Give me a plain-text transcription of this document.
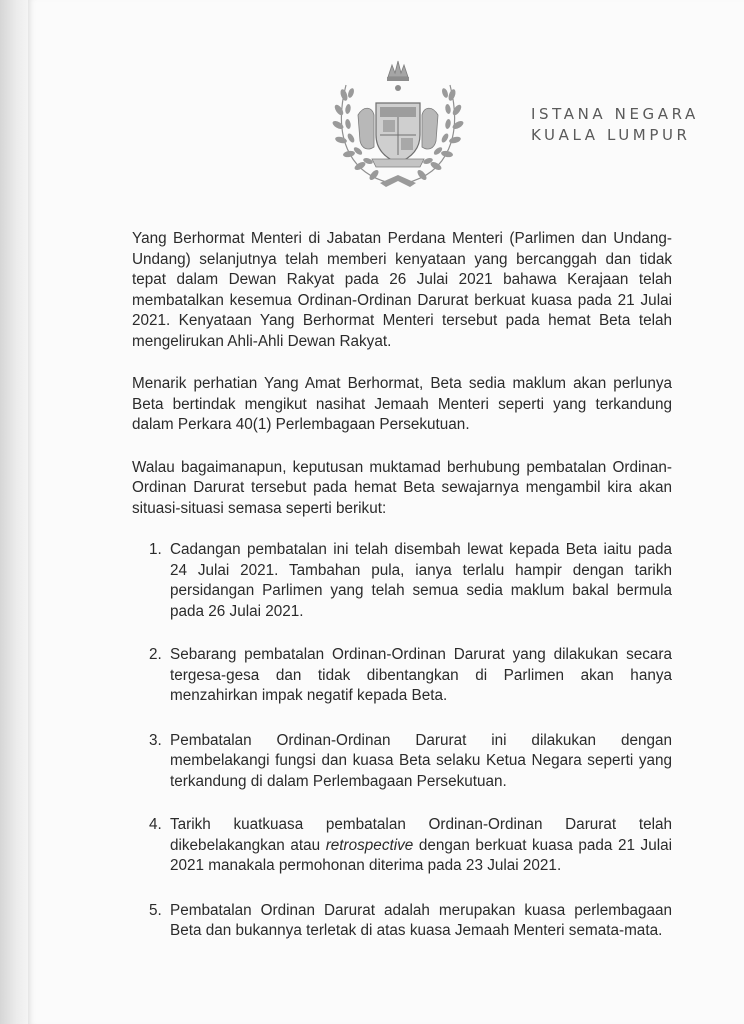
ISTANA NEGARA
KUALA LUMPUR

Yang Berhormat Menteri di Jabatan Perdana Menteri (Parlimen dan Undang-Undang) selanjutnya telah memberi kenyataan yang bercanggah dan tidak tepat dalam Dewan Rakyat pada 26 Julai 2021 bahawa Kerajaan telah membatalkan kesemua Ordinan-Ordinan Darurat berkuat kuasa pada 21 Julai 2021. Kenyataan Yang Berhormat Menteri tersebut pada hemat Beta telah mengelirukan Ahli-Ahli Dewan Rakyat.

Menarik perhatian Yang Amat Berhormat, Beta sedia maklum akan perlunya Beta bertindak mengikut nasihat Jemaah Menteri seperti yang terkandung dalam Perkara 40(1) Perlembagaan Persekutuan.

Walau bagaimanapun, keputusan muktamad berhubung pembatalan Ordinan-Ordinan Darurat tersebut pada hemat Beta sewajarnya mengambil kira akan situasi-situasi semasa seperti berikut:

1. Cadangan pembatalan ini telah disembah lewat kepada Beta iaitu pada 24 Julai 2021. Tambahan pula, ianya terlalu hampir dengan tarikh persidangan Parlimen yang telah semua sedia maklum bakal bermula pada 26 Julai 2021.
2. Sebarang pembatalan Ordinan-Ordinan Darurat yang dilakukan secara tergesa-gesa dan tidak dibentangkan di Parlimen akan hanya menzahirkan impak negatif kepada Beta.
3. Pembatalan Ordinan-Ordinan Darurat ini dilakukan dengan membelakangi fungsi dan kuasa Beta selaku Ketua Negara seperti yang terkandung di dalam Perlembagaan Persekutuan.
4. Tarikh kuatkuasa pembatalan Ordinan-Ordinan Darurat telah dikebelakangkan atau retrospective dengan berkuat kuasa pada 21 Julai 2021 manakala permohonan diterima pada 23 Julai 2021.
5. Pembatalan Ordinan Darurat adalah merupakan kuasa perlembagaan Beta dan bukannya terletak di atas kuasa Jemaah Menteri semata-mata.
